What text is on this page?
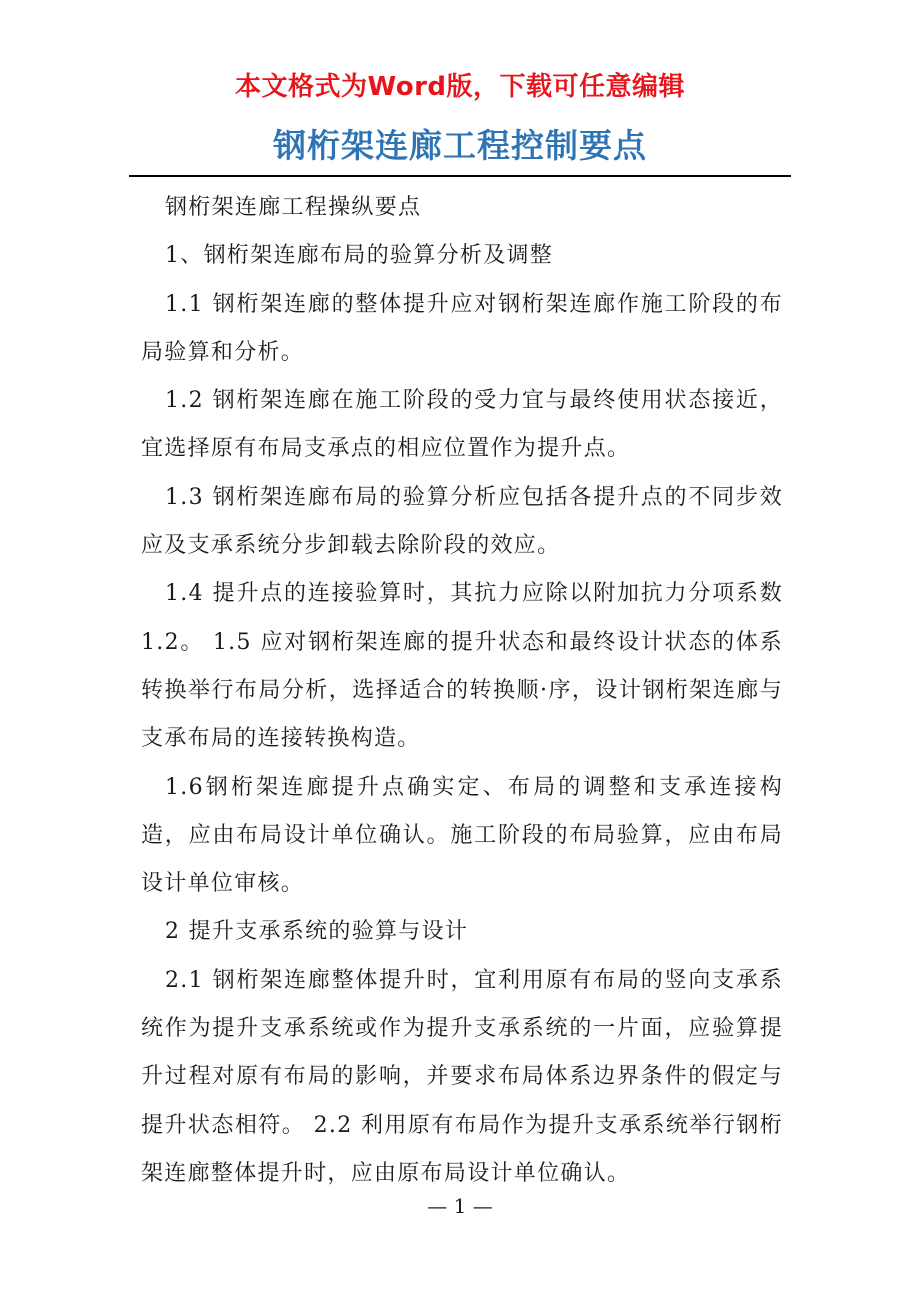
本文格式为Word版，下载可任意编辑
钢桁架连廊工程控制要点

钢桁架连廊工程操纵要点

1、钢桁架连廊布局的验算分析及调整

1.1 钢桁架连廊的整体提升应对钢桁架连廊作施工阶段的布局验算和分析。

1.2 钢桁架连廊在施工阶段的受力宜与最终使用状态接近，宜选择原有布局支承点的相应位置作为提升点。

1.3 钢桁架连廊布局的验算分析应包括各提升点的不同步效应及支承系统分步卸载去除阶段的效应。

1.4 提升点的连接验算时，其抗力应除以附加抗力分项系数 1.2。 1.5 应对钢桁架连廊的提升状态和最终设计状态的体系转换举行布局分析，选择适合的转换顺·序，设计钢桁架连廊与支承布局的连接转换构造。

1.6钢桁架连廊提升点确实定、布局的调整和支承连接构造，应由布局设计单位确认。施工阶段的布局验算，应由布局设计单位审核。

2 提升支承系统的验算与设计

2.1 钢桁架连廊整体提升时，宜利用原有布局的竖向支承系统作为提升支承系统或作为提升支承系统的一片面，应验算提升过程对原有布局的影响，并要求布局体系边界条件的假定与提升状态相符。 2.2 利用原有布局作为提升支承系统举行钢桁架连廊整体提升时，应由原布局设计单位确认。

— 1 —
